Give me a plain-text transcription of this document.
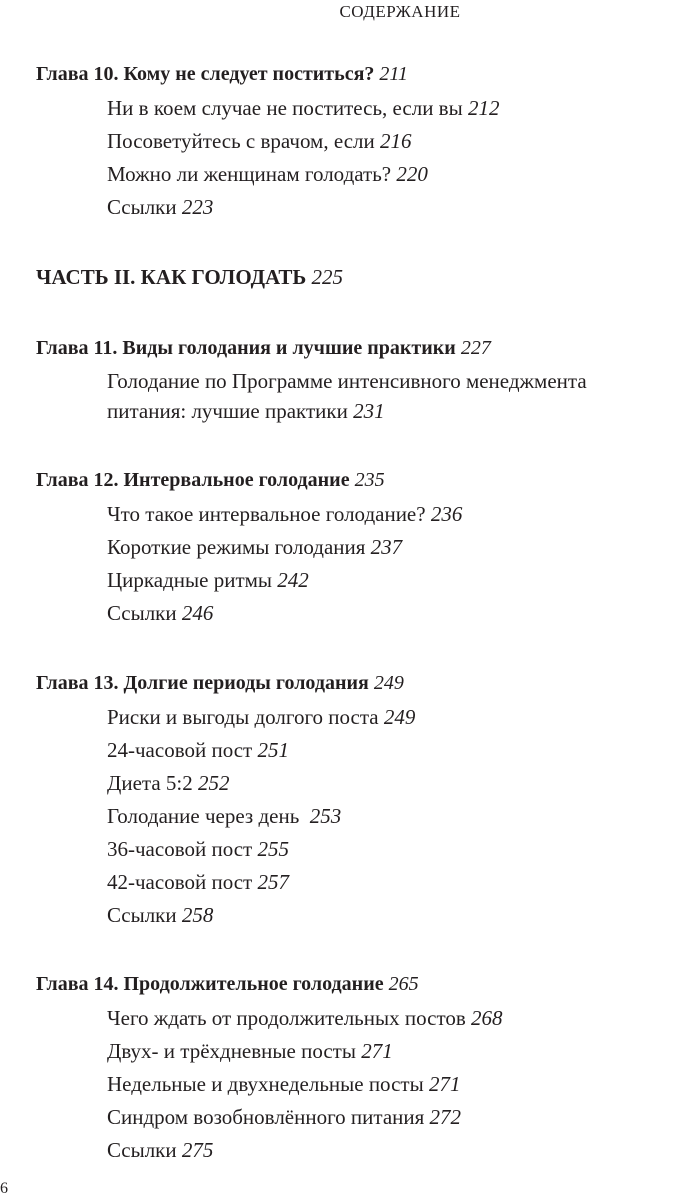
СОДЕРЖАНИЕ
Глава 10. Кому не следует поститься? 211
Ни в коем случае не поститесь, если вы 212
Посоветуйтесь с врачом, если 216
Можно ли женщинам голодать? 220
Ссылки 223
ЧАСТЬ II. КАК ГОЛОДАТЬ 225
Глава 11. Виды голодания и лучшие практики 227
Голодание по Программе интенсивного менеджмента
питания: лучшие практики 231
Глава 12. Интервальное голодание 235
Что такое интервальное голодание? 236
Короткие режимы голодания 237
Циркадные ритмы 242
Ссылки 246
Глава 13. Долгие периоды голодания 249
Риски и выгоды долгого поста 249
24-часовой пост 251
Диета 5:2 252
Голодание через день  253
36-часовой пост 255
42-часовой пост 257
Ссылки 258
Глава 14. Продолжительное голодание 265
Чего ждать от продолжительных постов 268
Двух- и трёхдневные посты 271
Недельные и двухнедельные посты 271
Синдром возобновлённого питания 272
Ссылки 275
6
